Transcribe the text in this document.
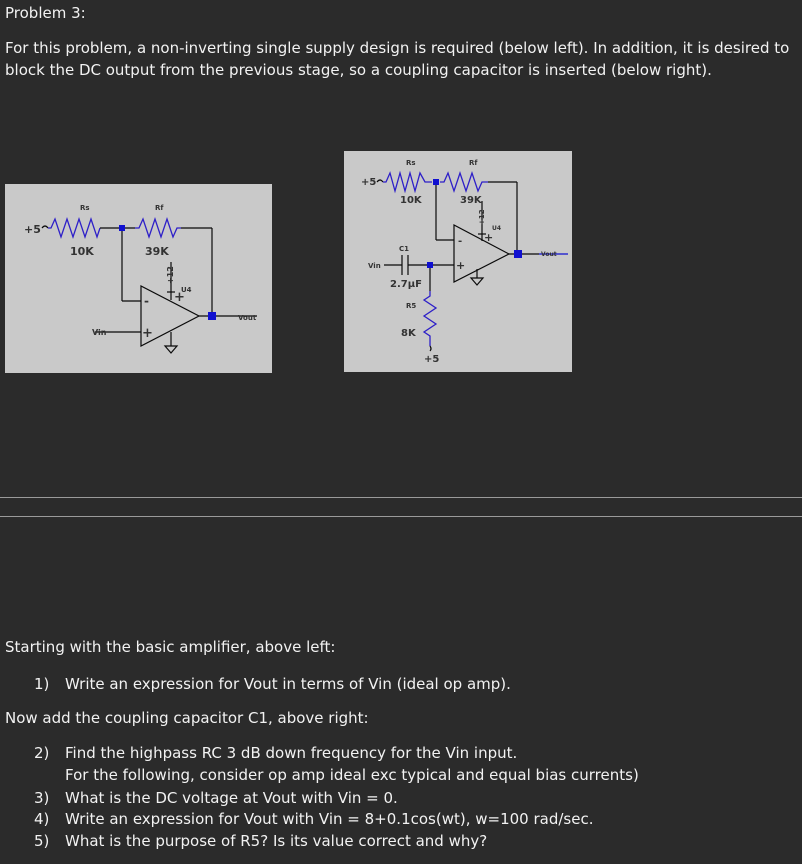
Problem 3:
For this problem, a non-inverting single supply design is required (below left). In addition, it is desired to block the DC output from the previous stage, so a coupling capacitor is inserted (below right).
+5
Rs
10K
Rf
39K
+12
U4
-
+
+
Vin
Vout
+5
Rs
10K
Rf
39K
+12
U4
-
+
+
C1
2.7µF
R5
8K
+5
Vin
Vout
Starting with the basic amplifier, above left:
1) Write an expression for Vout in terms of Vin (ideal op amp).
Now add the coupling capacitor C1, above right:
2) Find the highpass RC 3 dB down frequency for the Vin input.
For the following, consider op amp ideal exc typical and equal bias currents)
3) What is the DC voltage at Vout with Vin = 0.
4) Write an expression for Vout with Vin = 8+0.1cos(wt), w=100 rad/sec.
5) What is the purpose of R5? Is its value correct and why?
